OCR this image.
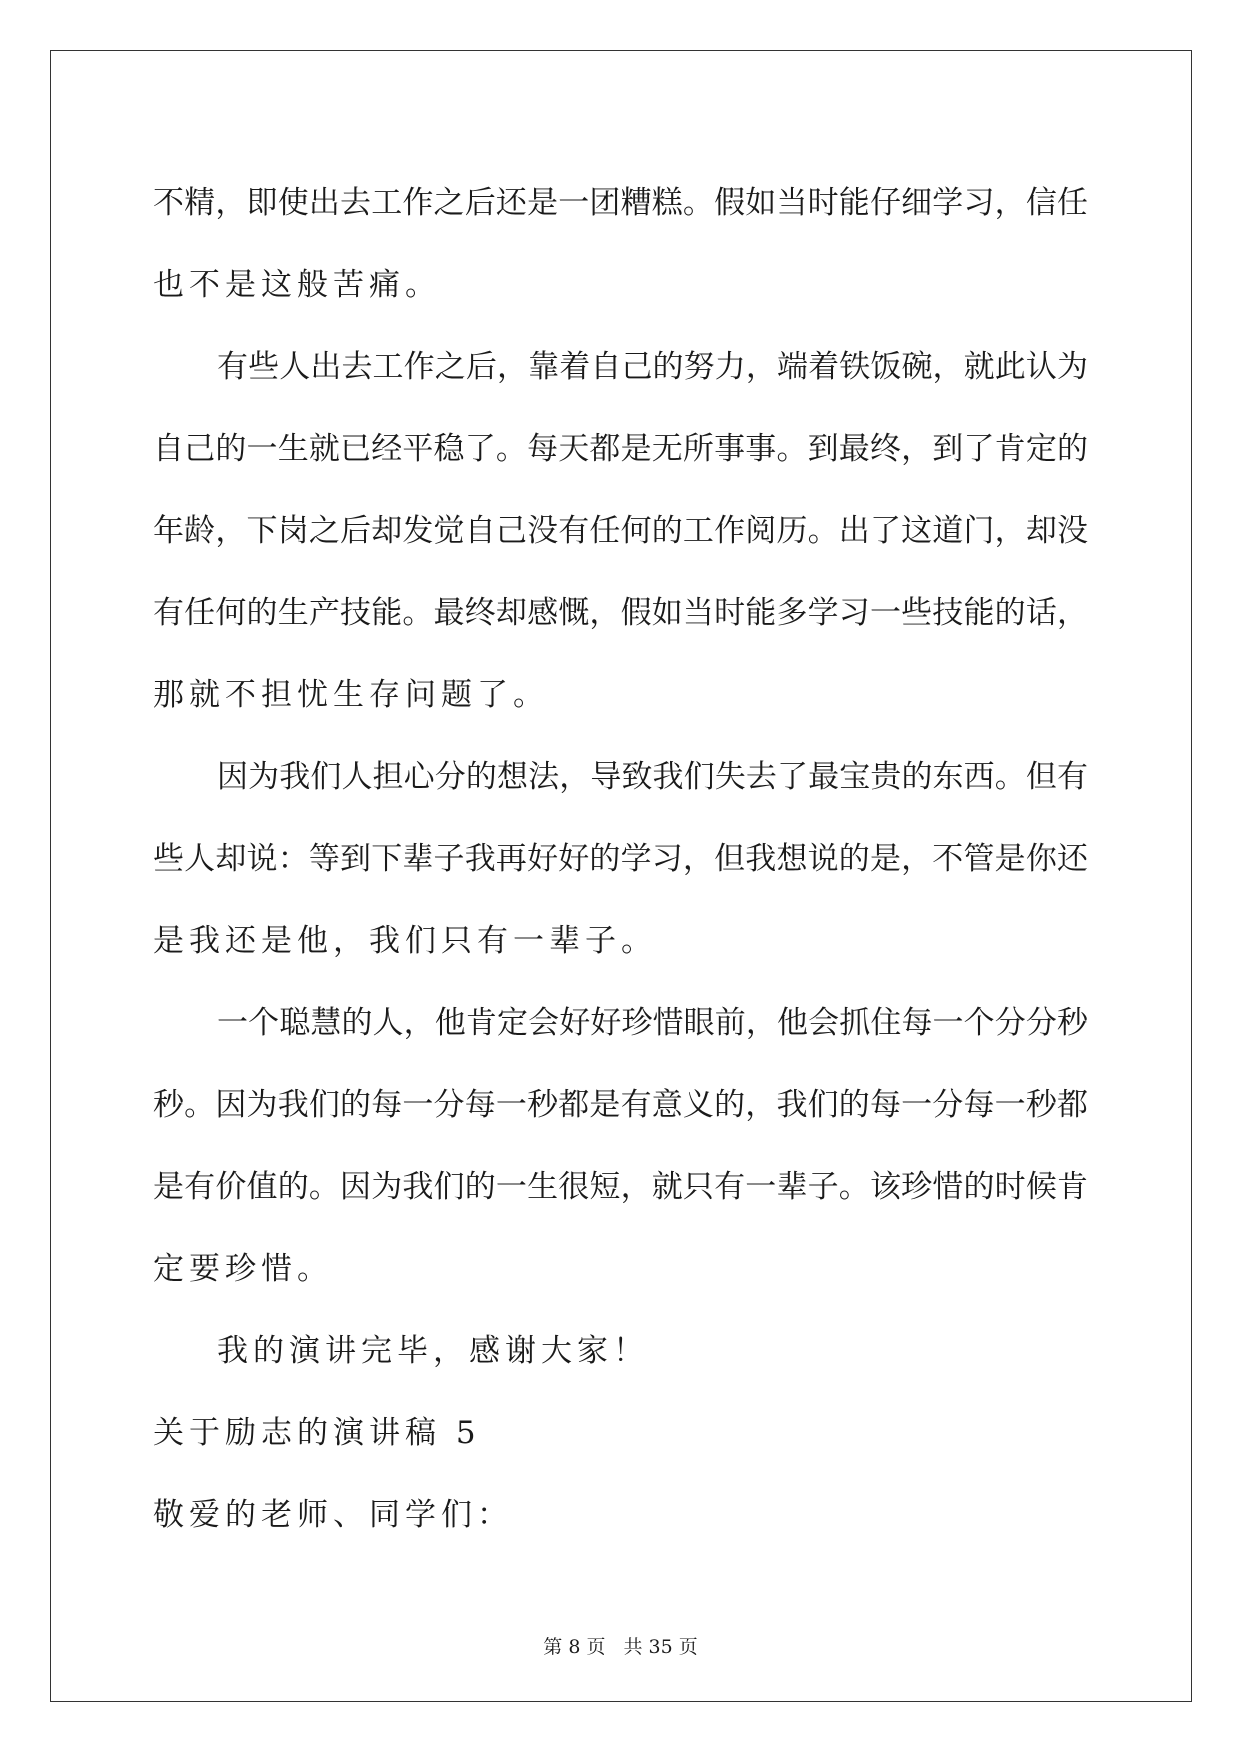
不精，即使出去工作之后还是一团糟糕。假如当时能仔细学习，信任
也不是这般苦痛。
有些人出去工作之后，靠着自己的努力，端着铁饭碗，就此认为
自己的一生就已经平稳了。每天都是无所事事。到最终，到了肯定的
年龄，下岗之后却发觉自己没有任何的工作阅历。出了这道门，却没
有任何的生产技能。最终却感慨，假如当时能多学习一些技能的话，
那就不担忧生存问题了。
因为我们人担心分的想法，导致我们失去了最宝贵的东西。但有
些人却说：等到下辈子我再好好的学习，但我想说的是，不管是你还
是我还是他，我们只有一辈子。
一个聪慧的人，他肯定会好好珍惜眼前，他会抓住每一个分分秒
秒。因为我们的每一分每一秒都是有意义的，我们的每一分每一秒都
是有价值的。因为我们的一生很短，就只有一辈子。该珍惜的时候肯
定要珍惜。
我的演讲完毕，感谢大家！
关于励志的演讲稿 5
敬爱的老师、同学们：
第 8 页 共 35 页
